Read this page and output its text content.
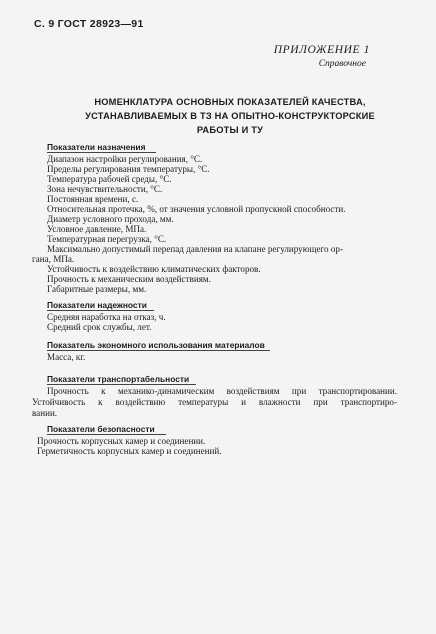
С. 9 ГОСТ 28923—91
ПРИЛОЖЕНИЕ 1
Справочное
НОМЕНКЛАТУРА ОСНОВНЫХ ПОКАЗАТЕЛЕЙ КАЧЕСТВА,
УСТАНАВЛИВАЕМЫХ В ТЗ НА ОПЫТНО-КОНСТРУКТОРСКИЕ
РАБОТЫ И ТУ
Показатели назначения
Диапазон настройки регулирования, °С.
Пределы регулирования температуры, °С.
Температура рабочей среды, °С.
Зона нечувствительности, °С.
Постоянная времени, с.
Относительная протечка, %, от значения условной пропускной способности.
Диаметр условного прохода, мм.
Условное давление, МПа.
Температурная перегрузка, °С.
Максимально допустимый перепад давления на клапане регулирующего ор-
гана, МПа.
Устойчивость к воздействию климатических факторов.
Прочность к механическим воздействиям.
Габаритные размеры, мм.
Показатели надежности
Средняя наработка на отказ, ч.
Средний срок службы, лет.
Показатель экономного использования материалов
Масса, кг.
Показатели транспортабельности
Прочность к механико-динамическим воздействиям при транспортировании.
Устойчивость к воздействию температуры и влажности при транспортиро-
вании.
Показатели безопасности
Прочность корпусных камер и соединении.
Герметичность корпусных камер и соединений.
